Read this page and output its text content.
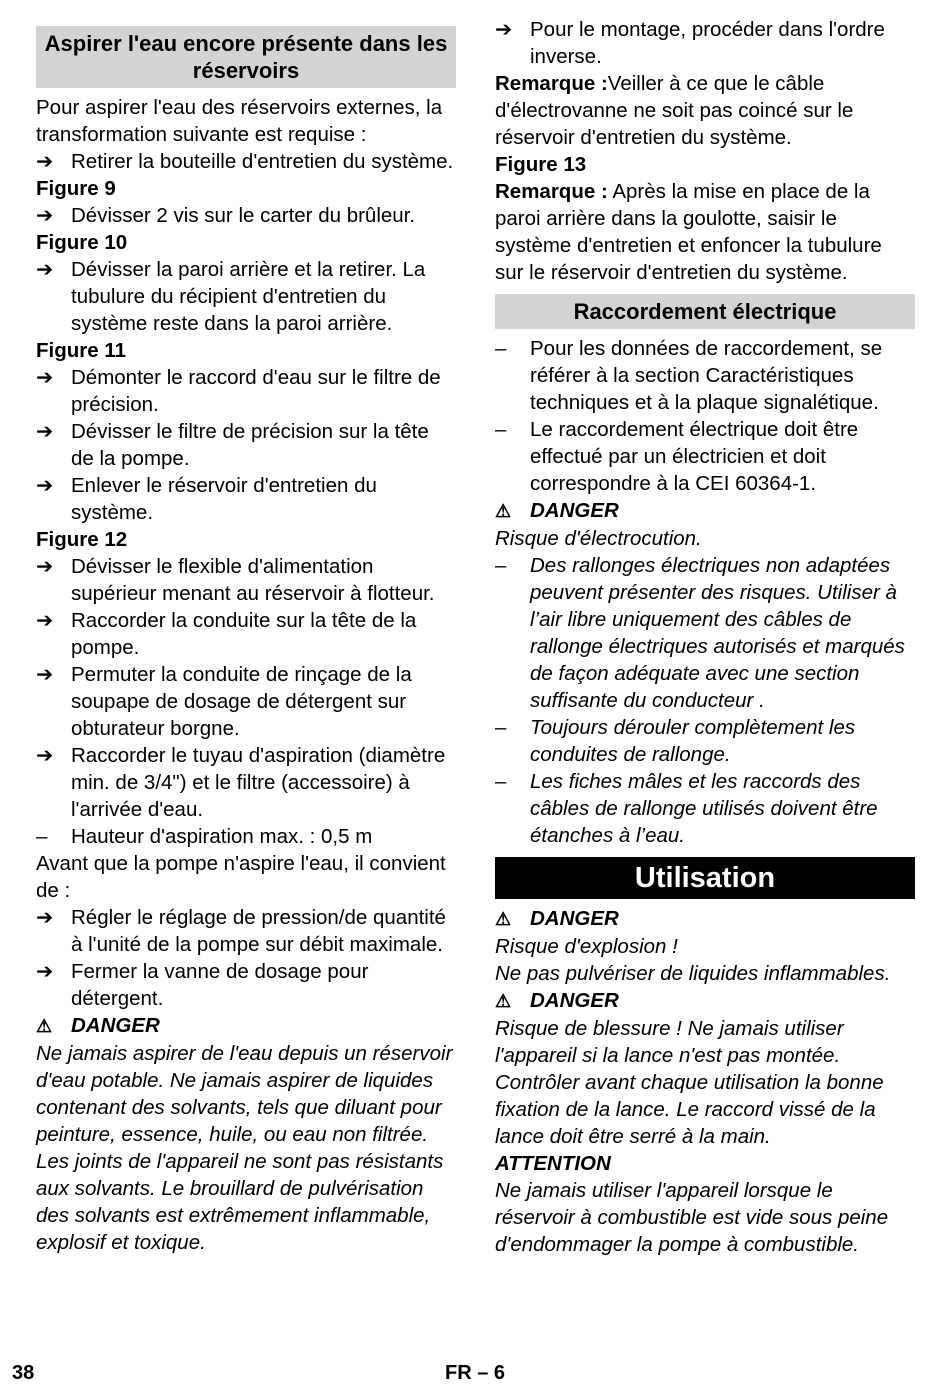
Aspirer l'eau encore présente dans les réservoirs

Pour aspirer l'eau des réservoirs externes, la transformation suivante est requise :

➔ Retirer la bouteille d'entretien du système.
Figure 9
➔ Dévisser 2 vis sur le carter du brûleur.
Figure 10
➔ Dévisser la paroi arrière et la retirer. La tubulure du récipient d'entretien du système reste dans la paroi arrière.
Figure 11
➔ Démonter le raccord d'eau sur le filtre de précision.
➔ Dévisser le filtre de précision sur la tête de la pompe.
➔ Enlever le réservoir d'entretien du système.
Figure 12
➔ Dévisser le flexible d'alimentation supérieur menant au réservoir à flotteur.
➔ Raccorder la conduite sur la tête de la pompe.
➔ Permuter la conduite de rinçage de la soupape de dosage de détergent sur obturateur borgne.
➔ Raccorder le tuyau d'aspiration (diamètre min. de 3/4") et le filtre (accessoire) à l'arrivée d'eau.
–	Hauteur d'aspiration max. : 0,5 m

Avant que la pompe n'aspire l'eau, il convient de :

➔ Régler le réglage de pression/de quantité à l'unité de la pompe sur débit maximale.
➔ Fermer la vanne de dosage pour détergent.
⚠ DANGER

Ne jamais aspirer de l'eau depuis un réservoir d'eau potable. Ne jamais aspirer de liquides contenant des solvants, tels que diluant pour peinture, essence, huile, ou eau non filtrée. Les joints de l'appareil ne sont pas résistants aux solvants. Le brouillard de pulvérisation des solvants est extrêmement inflammable, explosif et toxique.

➔ Pour le montage, procéder dans l'ordre inverse.

Remarque :Veiller à ce que le câble d'électrovanne ne soit pas coincé sur le réservoir d'entretien du système.

Figure 13

Remarque : Après la mise en place de la paroi arrière dans la goulotte, saisir le système d'entretien et enfoncer la tubulure sur le réservoir d'entretien du système.

Raccordement électrique
–	Pour les données de raccordement, se référer à la section Caractéristiques techniques et à la plaque signalétique.
–	Le raccordement électrique doit être effectué par un électricien et doit correspondre à la CEI 60364-1.
⚠ DANGER

Risque d'électrocution.

–	Des rallonges électriques non adaptées peuvent présenter des risques. Utiliser à l’air libre uniquement des câbles de rallonge électriques autorisés et marqués de façon adéquate avec une section suffisante du conducteur .
–	Toujours dérouler complètement les conduites de rallonge.
–	Les fiches mâles et les raccords des câbles de rallonge utilisés doivent être étanches à l’eau.
Utilisation
⚠ DANGER

Risque d'explosion !

Ne pas pulvériser de liquides inflammables.

⚠ DANGER

Risque de blessure ! Ne jamais utiliser l'appareil si la lance n'est pas montée. Contrôler avant chaque utilisation la bonne fixation de la lance. Le raccord vissé de la lance doit être serré à la main.

ATTENTION

Ne jamais utiliser l'appareil lorsque le réservoir à combustible est vide sous peine d'endommager la pompe à combustible.

38	FR – 6
